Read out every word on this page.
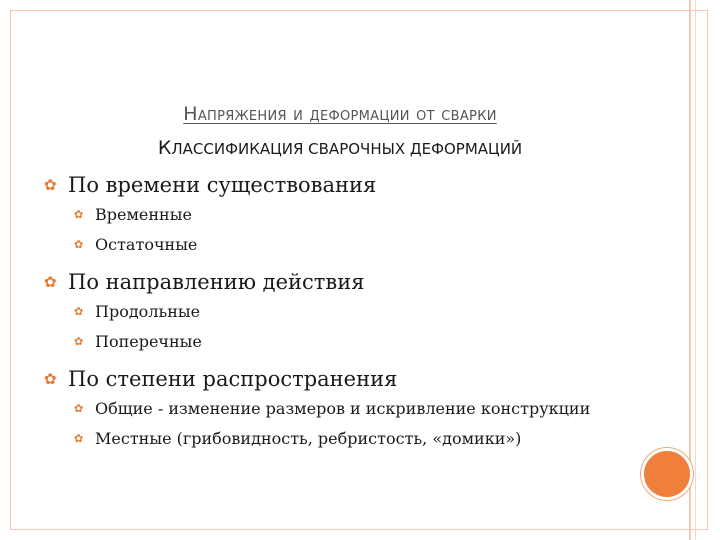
Напряжения и деформации от сварки
КЛАССИФИКАЦИЯ СВАРОЧНЫХ ДЕФОРМАЦИЙ
✿ По времени существования
✿ Временные
✿ Остаточные
✿ По направлению действия
✿ Продольные
✿ Поперечные
✿ По степени распространения
✿ Общие - изменение размеров и искривление конструкции
✿ Местные (грибовидность, ребристость, «домики»)
